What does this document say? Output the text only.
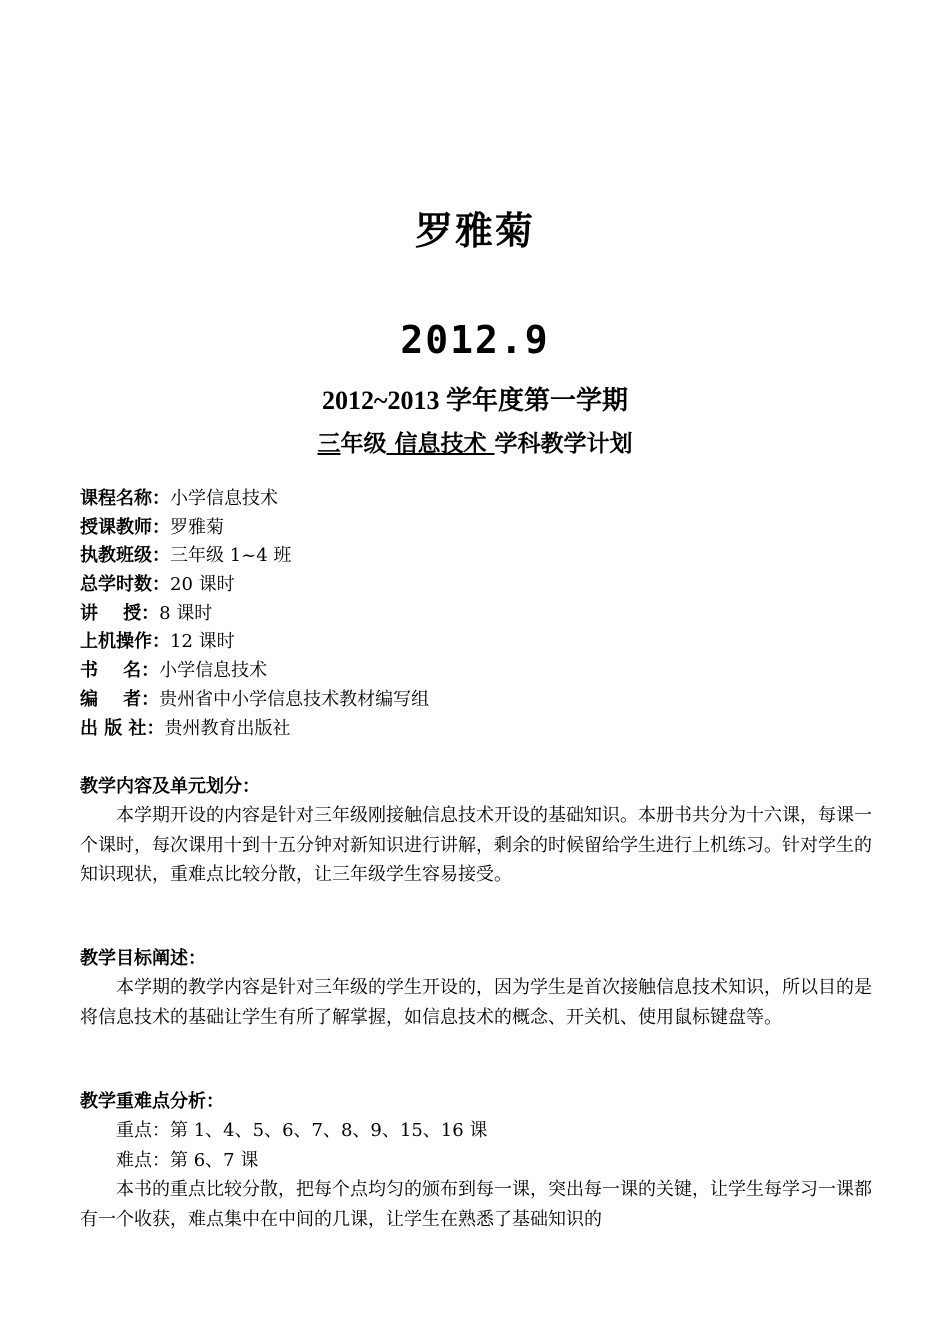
罗雅菊
2012.9
2012~2013 学年度第一学期
三年级 信息技术 学科教学计划
课程名称：小学信息技术
授课教师：罗雅菊
执教班级：三年级 1~4 班
总学时数：20 课时
讲    授：8 课时
上机操作：12 课时
书    名：小学信息技术
编    者：贵州省中小学信息技术教材编写组
出 版 社：贵州教育出版社
教学内容及单元划分：

本学期开设的内容是针对三年级刚接触信息技术开设的基础知识。本册书共分为十六课，每课一个课时，每次课用十到十五分钟对新知识进行讲解，剩余的时候留给学生进行上机练习。针对学生的知识现状，重难点比较分散，让三年级学生容易接受。

教学目标阐述：

本学期的教学内容是针对三年级的学生开设的，因为学生是首次接触信息技术知识，所以目的是将信息技术的基础让学生有所了解掌握，如信息技术的概念、开关机、使用鼠标键盘等。

教学重难点分析：

重点：第 1、4、5、6、7、8、9、15、16 课

难点：第 6、7 课

本书的重点比较分散，把每个点均匀的颁布到每一课，突出每一课的关键，让学生每学习一课都有一个收获，难点集中在中间的几课，让学生在熟悉了基础知识的
